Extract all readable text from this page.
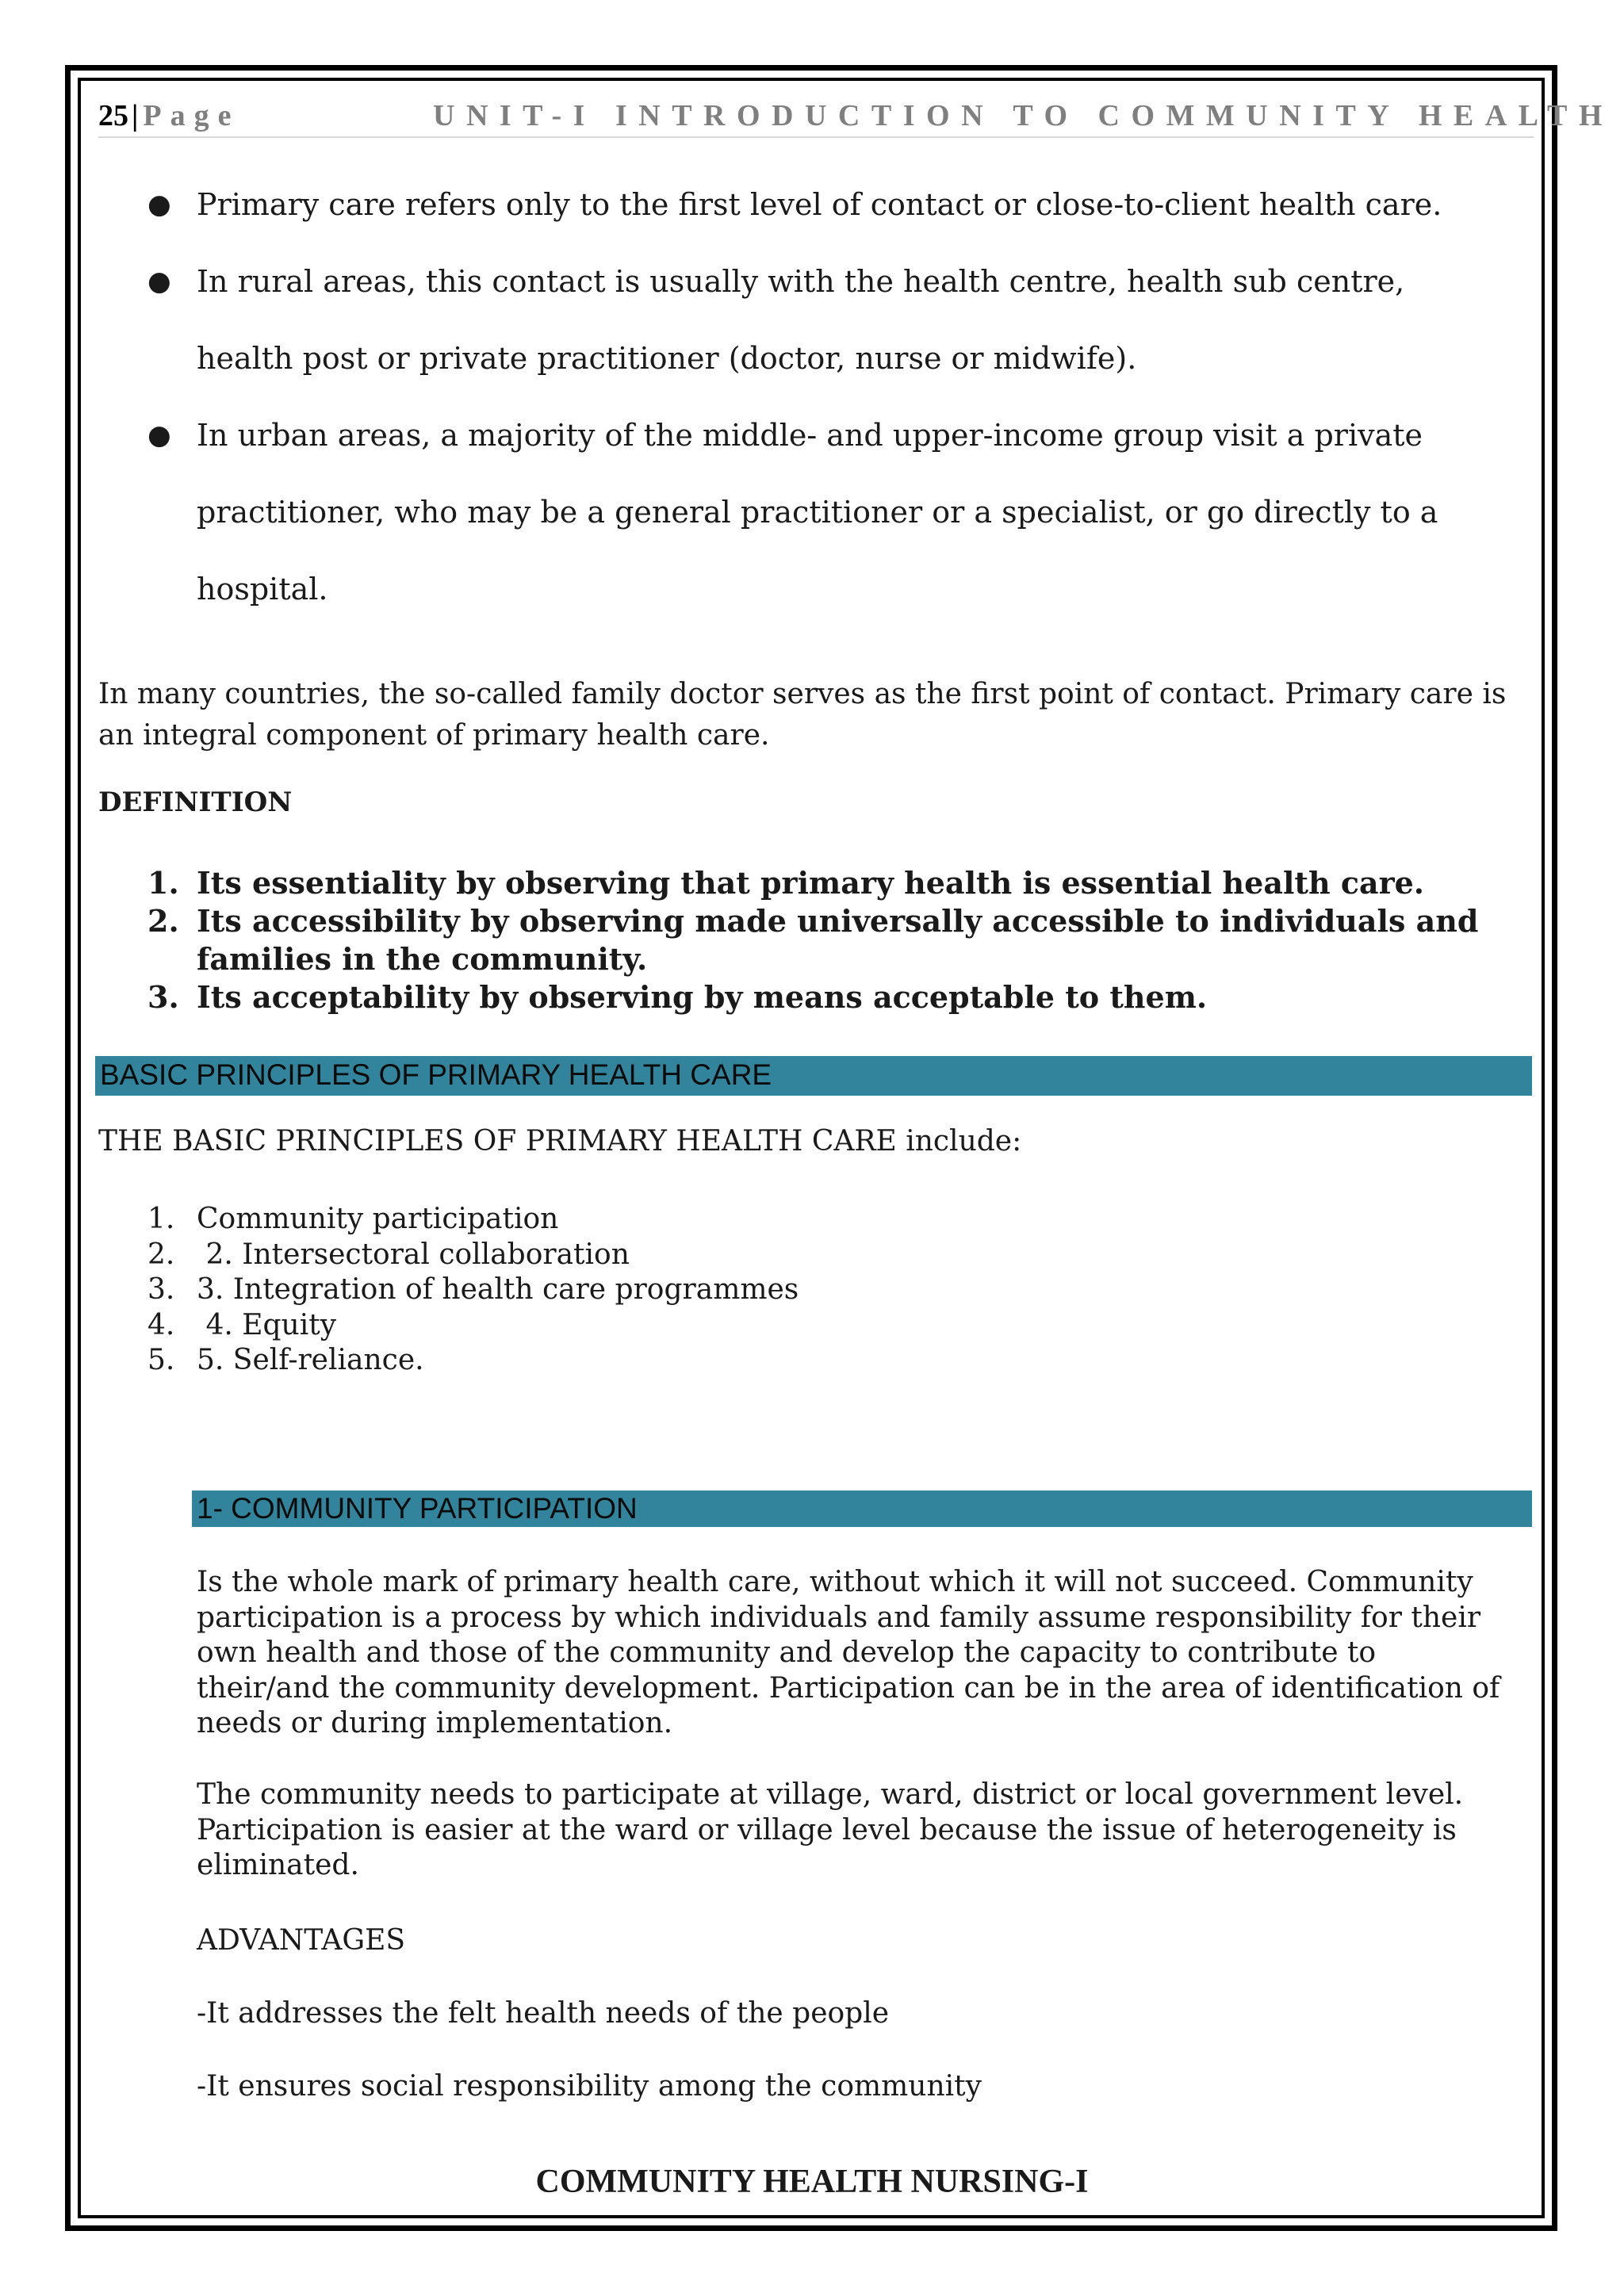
25 | Page	UNIT-I INTRODUCTION TO COMMUNITY HEALTH
● Primary care refers only to the first level of contact or close-to-client health care.
● In rural areas, this contact is usually with the health centre, health sub centre,
health post or private practitioner (doctor, nurse or midwife).
● In urban areas, a majority of the middle- and upper-income group visit a private
practitioner, who may be a general practitioner or a specialist, or go directly to a
hospital.
In many countries, the so-called family doctor serves as the first point of contact. Primary care is
an integral component of primary health care.
DEFINITION
1. Its essentiality by observing that primary health is essential health care.
2. Its accessibility by observing made universally accessible to individuals and
families in the community.
3. Its acceptability by observing by means acceptable to them.
BASIC PRINCIPLES OF PRIMARY HEALTH CARE
THE BASIC PRINCIPLES OF PRIMARY HEALTH CARE include:
1. Community participation
2. 2. Intersectoral collaboration
3. 3. Integration of health care programmes
4. 4. Equity
5. 5. Self-reliance.
1- COMMUNITY PARTICIPATION
Is the whole mark of primary health care, without which it will not succeed. Community
participation is a process by which individuals and family assume responsibility for their
own health and those of the community and develop the capacity to contribute to
their/and the community development. Participation can be in the area of identification of
needs or during implementation.
The community needs to participate at village, ward, district or local government level.
Participation is easier at the ward or village level because the issue of heterogeneity is
eliminated.
ADVANTAGES
-It addresses the felt health needs of the people
-It ensures social responsibility among the community
COMMUNITY HEALTH NURSING-I
